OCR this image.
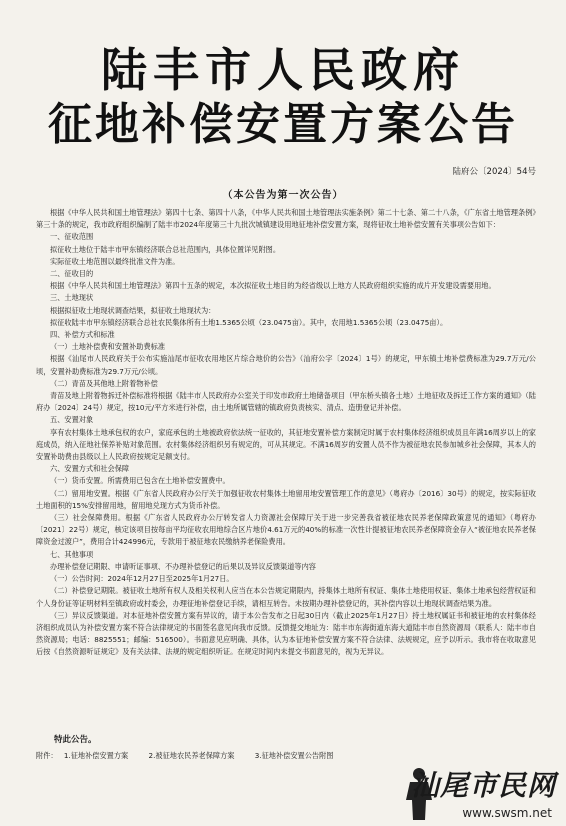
陆丰市人民政府
征地补偿安置方案公告
陆府公〔2024〕54号
（本公告为第一次公告）

根据《中华人民共和国土地管理法》第四十七条、第四十八条，《中华人民共和国土地管理法实施条例》第二十七条、第二十八条，《广东省土地管理条例》第三十条的规定，我市政府组织编制了陆丰市2024年度第三十九批次城镇建设用地征地补偿安置方案，现将征收土地补偿安置有关事项公告如下：

一、征收范围

拟征收土地位于陆丰市甲东镇经济联合总社范围内，具体位置详见附图。

实际征收土地范围以最终批准文件为准。

二、征收目的

根据《中华人民共和国土地管理法》第四十五条的规定，本次拟征收土地目的为经省级以上地方人民政府组织实施的成片开发建设需要用地。

三、土地现状

根据拟征收土地现状调查结果，拟征收土地现状为：

拟征收陆丰市甲东镇经济联合总社农民集体所有土地1.5365公顷（23.0475亩）。其中，农用地1.5365公顷（23.0475亩）。

四、补偿方式和标准

（一）土地补偿费和安置补助费标准

根据《汕尾市人民政府关于公布实施汕尾市征收农用地区片综合地价的公告》（汕府公字〔2024〕1号）的规定，甲东镇土地补偿费标准为29.7万元/公顷，安置补助费标准为29.7万元/公顷。

（二）青苗及其他地上附着物补偿

青苗及地上附着物拆迁补偿标准将根据《陆丰市人民政府办公室关于印发市政府土地储备项目（甲东桥头镇各土地）土地征收及拆迁工作方案的通知》（陆府办〔2024〕24号）规定，按10元/平方米进行补偿，由土地所属管辖的镇政府负责核实、清点、造册登记并补偿。

五、安置对象

享有农村集体土地承包权的农户，家庭承包的土地被政府依法统一征收的，其征地安置补偿方案制定时属于农村集体经济组织成员且年满16周岁以上的家庭成员，纳入征地社保养补贴对象范围。农村集体经济组织另有规定的，可从其规定。不满16周岁的安置人员不作为被征地农民参加城乡社会保障，其本人的安置补助费由县级以上人民政府按规定足额支付。

六、安置方式和社会保障

（一）货币安置。所需费用已包含在土地补偿安置费中。

（二）留用地安置。根据《广东省人民政府办公厅关于加强征收农村集体土地留用地安置管理工作的意见》（粤府办〔2016〕30号）的规定，按实际征收土地面积的15%安排留用地，留用地兑现方式为货币补偿。

（三）社会保障费用。根据《广东省人民政府办公厅转发省人力资源社会保障厅关于进一步完善我省被征地农民养老保障政策意见的通知》（粤府办〔2021〕22号）规定，核定该项目按每亩平均征收农用地综合区片地价4.61万元的40%的标准一次性计提被征地农民养老保障资金存入“被征地农民养老保障资金过渡户”，费用合计424996元，专款用于被征地农民缴纳养老保险费用。

七、其他事项

办理补偿登记期限、申请听证事项、不办理补偿登记的后果以及异议反馈渠道等内容

（一）公告时间：2024年12月27日至2025年1月27日。

（二）补偿登记期限。被征收土地所有权人及相关权利人应当在本公告规定期限内，持集体土地所有权证、集体土地使用权证、集体土地承包经营权证和个人身份证等证明材料至镇政府或村委会，办理征地补偿登记手续，请相互转告。未按期办理补偿登记的，其补偿内容以土地现状调查结果为准。

（三）异议反馈渠道。对本征地补偿安置方案有异议的，请于本公告发布之日起30日内（截止2025年1月27日）持土地权属证书和被征地的农村集体经济组织成员认为补偿安置方案不符合法律规定的书面签名意见向我市反馈。反馈提交地址为：陆丰市东海街道东海大道陆丰市自然资源局（联系人：陆丰市自然资源局；电话：8825551；邮编：516500）。书面意见应明确、具体，认为本征地补偿安置方案不符合法律、法规规定，应予以听示。我市将在收取意见后按《自然资源听证规定》及有关法律、法规的规定组织听证。在规定时间内未提交书面意见的，视为无异议。

特此公告。
附件： 1.征地补偿安置方案	2.被征地农民养老保障方案	3.征地补偿安置公告附图
汕尾市民网
www.swsm.net
